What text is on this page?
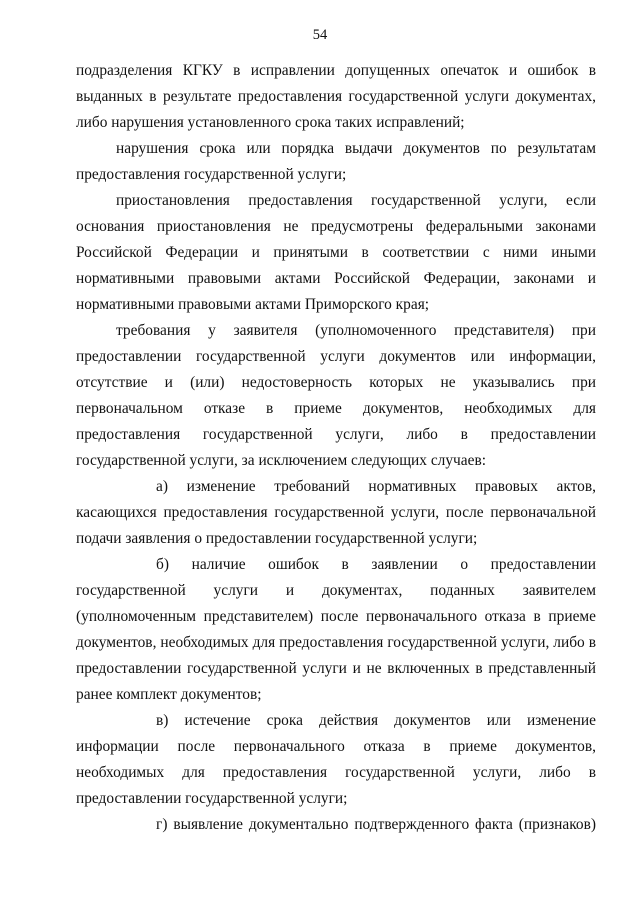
54

подразделения КГКУ в исправлении допущенных опечаток и ошибок в выданных в результате предоставления государственной услуги документах, либо нарушения установленного срока таких исправлений;

нарушения срока или порядка выдачи документов по результатам предоставления государственной услуги;

приостановления предоставления государственной услуги, если основания приостановления не предусмотрены федеральными законами Российской Федерации и принятыми в соответствии с ними иными нормативными правовыми актами Российской Федерации, законами и нормативными правовыми актами Приморского края;

требования у заявителя (уполномоченного представителя) при предоставлении государственной услуги документов или информации, отсутствие и (или) недостоверность которых не указывались при первоначальном отказе в приеме документов, необходимых для предоставления государственной услуги, либо в предоставлении государственной услуги, за исключением следующих случаев:

а) изменение требований нормативных правовых актов, касающихся предоставления государственной услуги, после первоначальной подачи заявления о предоставлении государственной услуги;

б) наличие ошибок в заявлении о предоставлении государственной услуги и документах, поданных заявителем (уполномоченным представителем) после первоначального отказа в приеме документов, необходимых для предоставления государственной услуги, либо в предоставлении государственной услуги и не включенных в представленный ранее комплект документов;

в) истечение срока действия документов или изменение информации после первоначального отказа в приеме документов, необходимых для предоставления государственной услуги, либо в предоставлении государственной услуги;

г) выявление документально подтвержденного факта (признаков)
